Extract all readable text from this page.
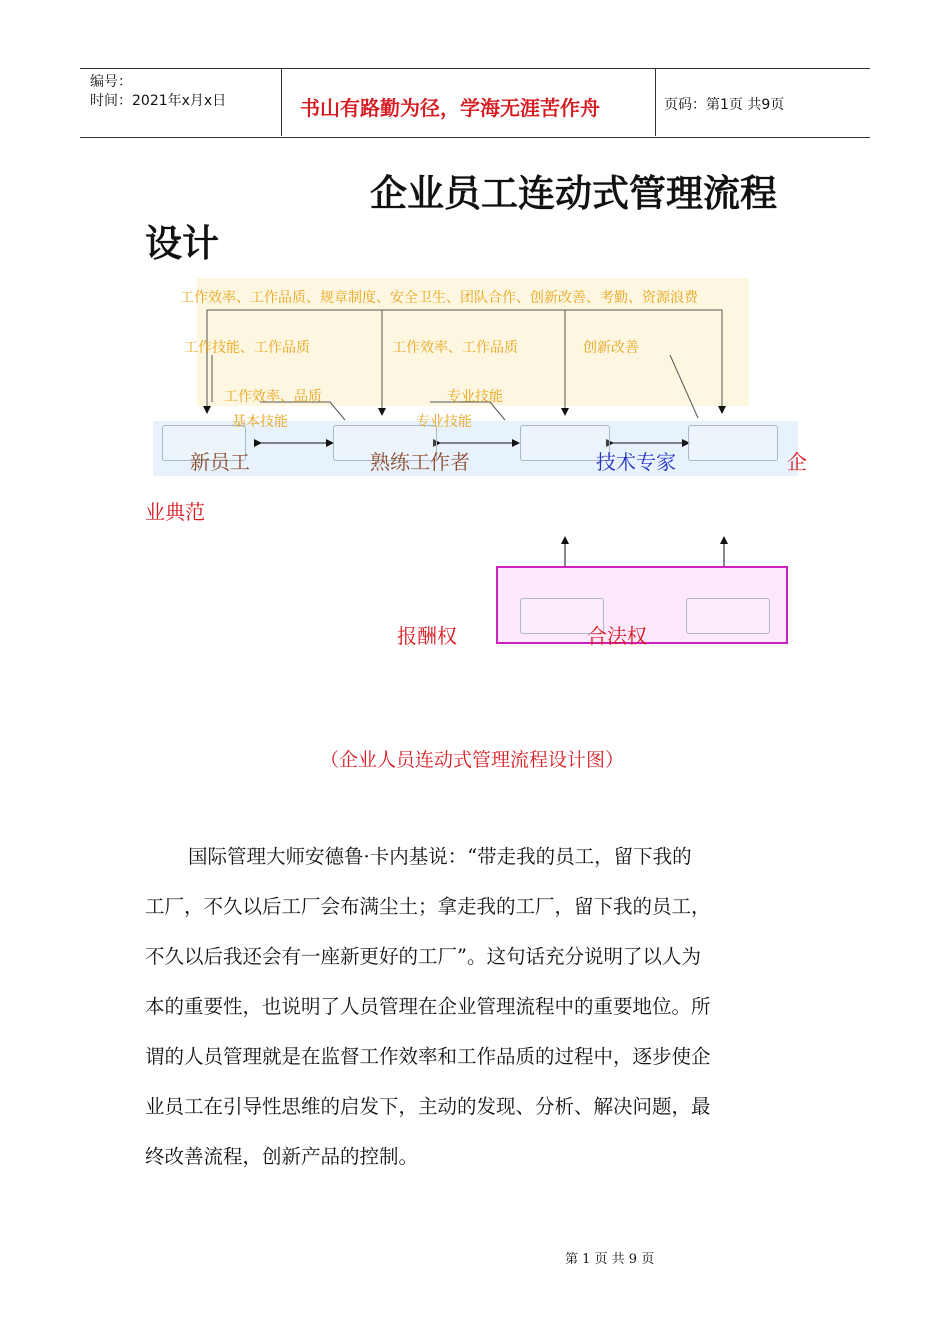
编号：
时间：2021年x月x日	书山有路勤为径，学海无涯苦作舟	页码：第1页 共9页
企业员工连动式管理流程
设计
工作效率、工作品质、规章制度、安全卫生、团队合作、创新改善、考勤、资源浪费
工作技能、工作品质	工作效率、工作品质	创新改善
工作效率、品质
基本技能
专业技能
专业技能
新员工	熟练工作者	技术专家	企
业典范
报酬权	合法权
（企业人员连动式管理流程设计图）
国际管理大师安德鲁·卡内基说：“带走我的员工，留下我的
工厂，不久以后工厂会布满尘土；拿走我的工厂，留下我的员工，
不久以后我还会有一座新更好的工厂”。这句话充分说明了以人为
本的重要性，也说明了人员管理在企业管理流程中的重要地位。所
谓的人员管理就是在监督工作效率和工作品质的过程中，逐步使企
业员工在引导性思维的启发下，主动的发现、分析、解决问题，最
终改善流程，创新产品的控制。
第 1 页 共 9 页
